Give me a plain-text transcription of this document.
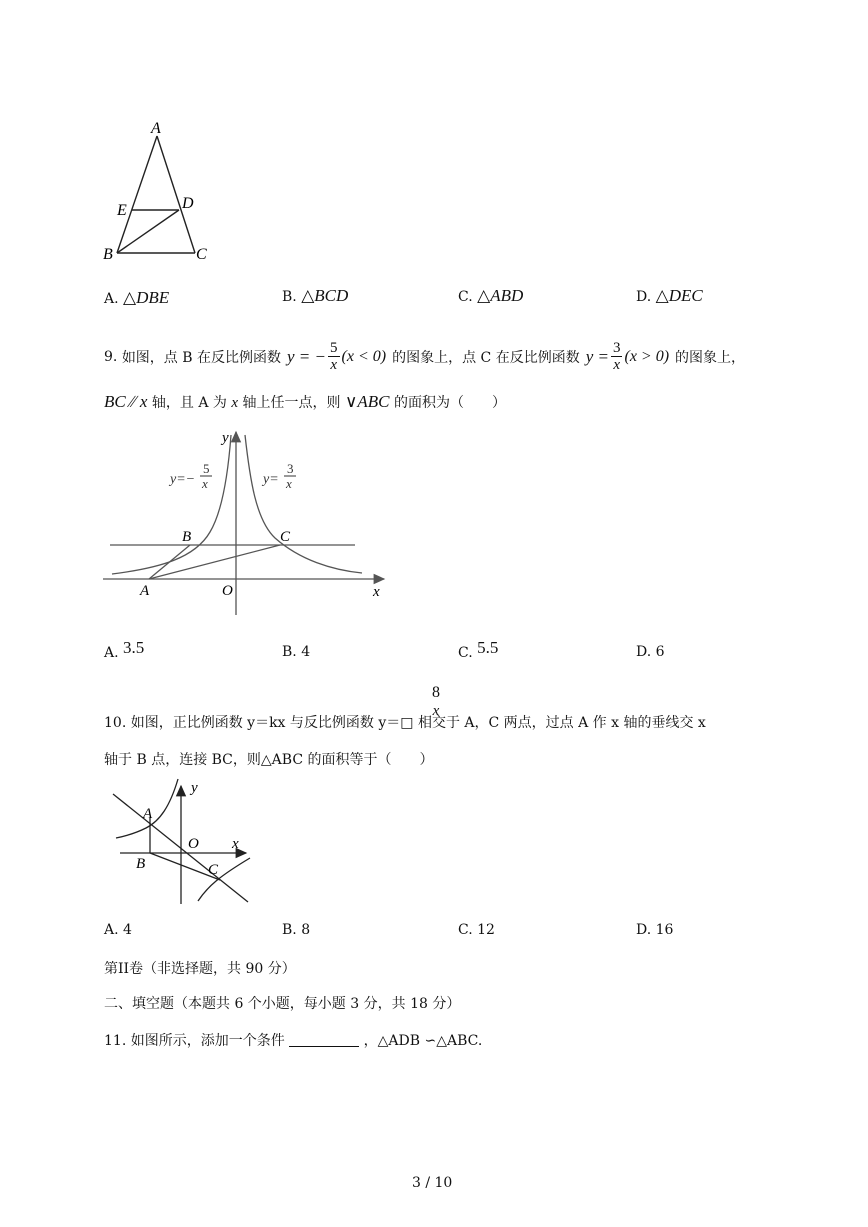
A
E	D
B	C
A. △DBE	B. △BCD	C. △ABD	D. △DEC
9.
如图，点 B 在反比例函数 y = − $\frac{5}{x} (x < 0)$ 的图象上，点 C 在反比例函数 $y = \frac{3}{x} (x > 0)$ 的图象上，
BC ∕∕ x 轴，且 A 为 x 轴上任一点，则 ∨ABC 的面积为（　　）
y
x
O
A
B	C
y=−
5
x	y=
3
x
A. 3.5	B. 4	C. 5.5	D. 6
8
x
10. 如图，正比例函数 y＝kx 与反比例函数 y＝□ 相交于 A，C 两点，过点 A 作 x 轴的垂线交 x
轴于 B 点，连接 BC，则△ABC 的面积等于（　　）
y
x
O
A
B	C
A. 4	B. 8	C. 12	D. 16
第II卷（非选择题，共 90 分）
二、填空题（本题共 6 个小题，每小题 3 分，共 18 分）
11. 如图所示，添加一个条件	，△ADB ∽△ABC.
3 / 10
